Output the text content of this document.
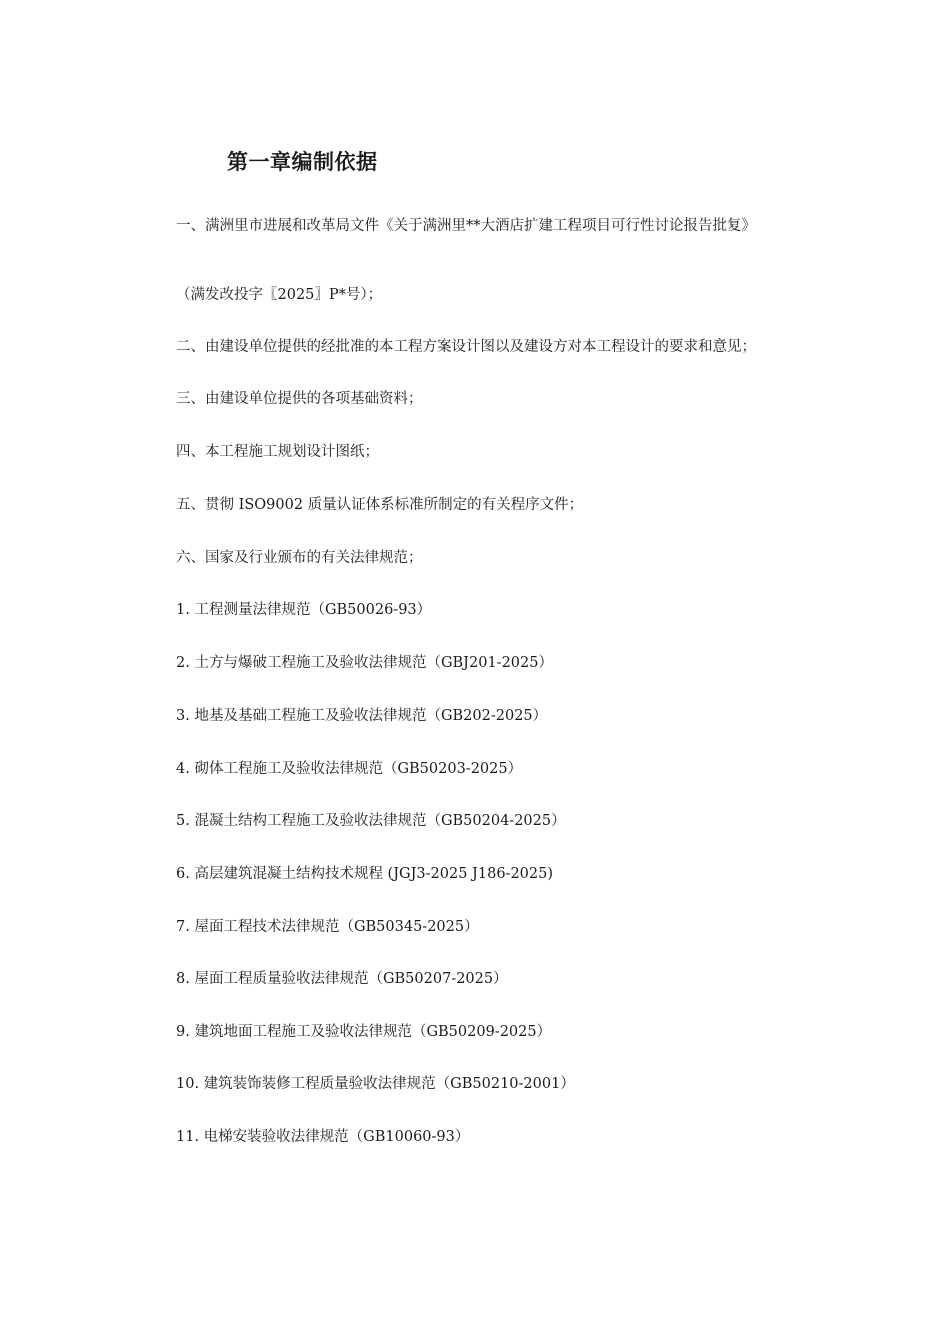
第一章编制依据

一、满洲里市进展和改革局文件《关于满洲里**大酒店扩建工程项目可行性讨论报告批复》

（满发改投字〖2025〗P*号）；

二、由建设单位提供的经批准的本工程方案设计图以及建设方对本工程设计的要求和意见；

三、由建设单位提供的各项基础资料；

四、本工程施工规划设计图纸；

五、贯彻 ISO9002 质量认证体系标准所制定的有关程序文件；

六、国家及行业颁布的有关法律规范；

1. 工程测量法律规范（GB50026-93）

2. 土方与爆破工程施工及验收法律规范（GBJ201-2025）

3. 地基及基础工程施工及验收法律规范（GB202-2025）

4. 砌体工程施工及验收法律规范（GB50203-2025）

5. 混凝土结构工程施工及验收法律规范（GB50204-2025）

6. 高层建筑混凝土结构技术规程 (JGJ3-2025 J186-2025)

7. 屋面工程技术法律规范（GB50345-2025）

8. 屋面工程质量验收法律规范（GB50207-2025）

9. 建筑地面工程施工及验收法律规范（GB50209-2025）

10. 建筑装饰装修工程质量验收法律规范（GB50210-2001）

11. 电梯安装验收法律规范（GB10060-93）
